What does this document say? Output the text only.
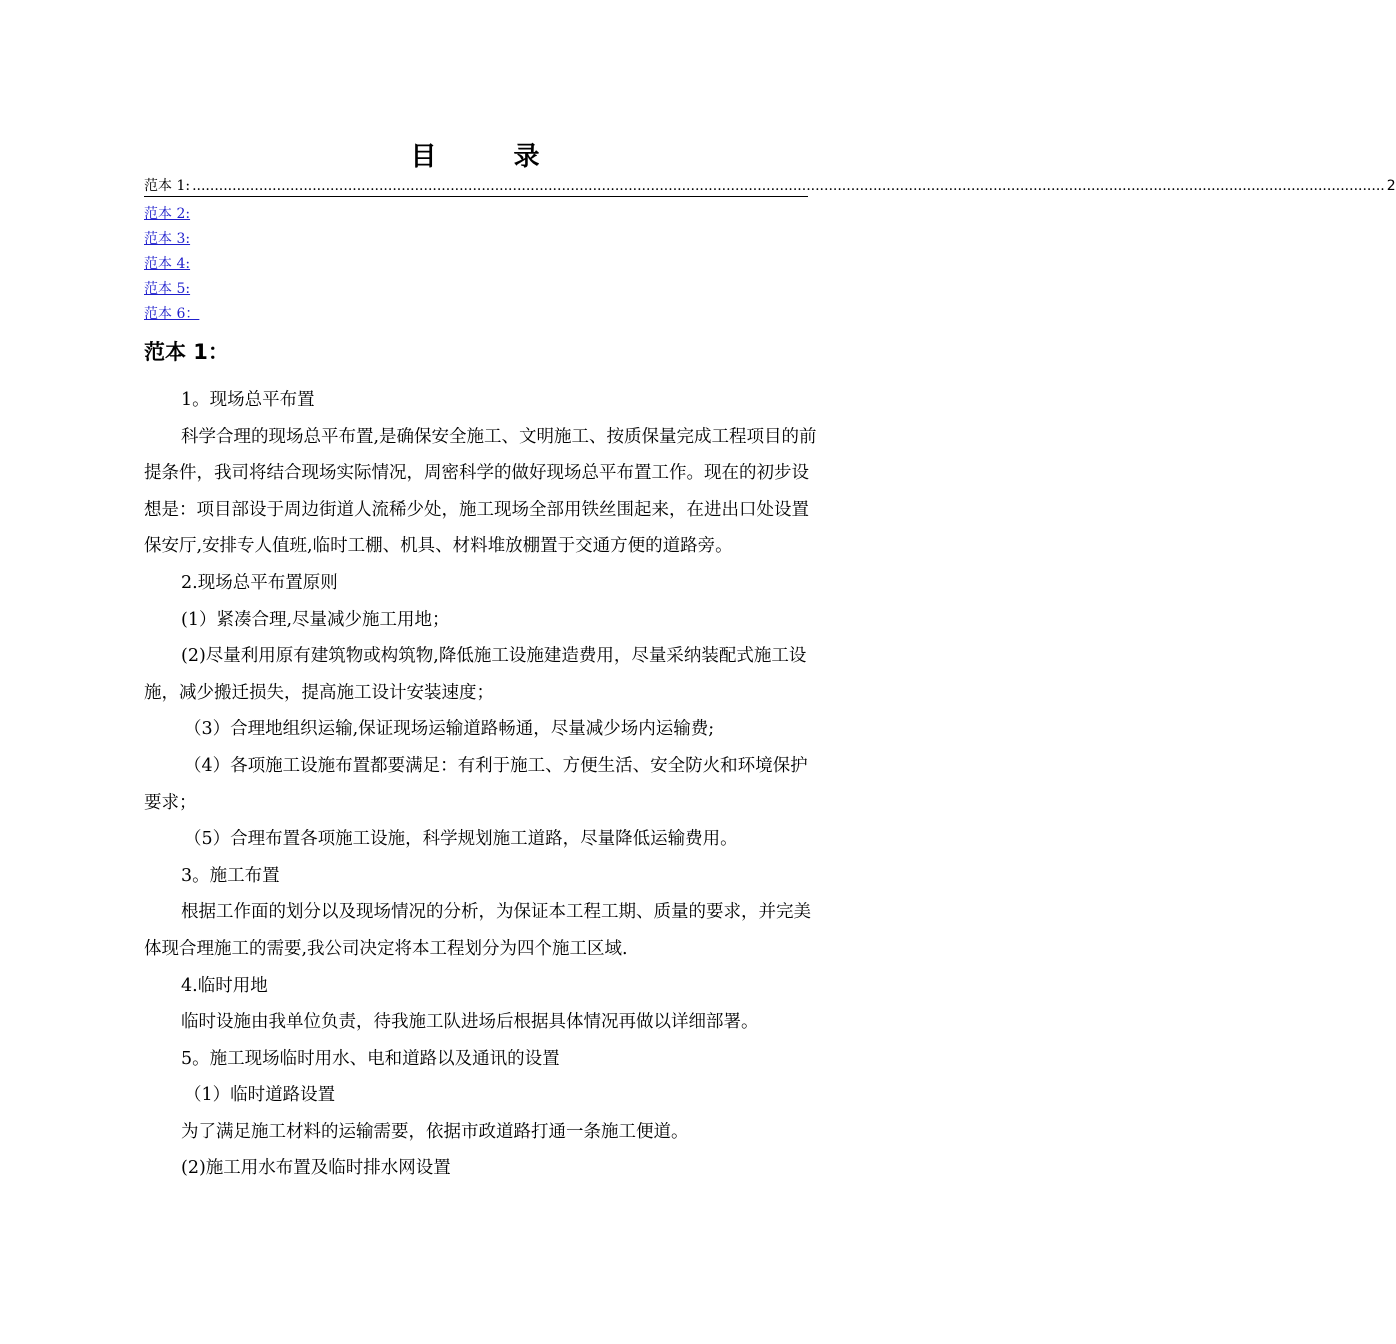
目 录
范本 1: ............................................................................................................................................................................................................................................................................ 2
范本 2:
范本 3:
范本 4:
范本 5:
范本 6：
范本 1：

1。现场总平布置

科学合理的现场总平布置,是确保安全施工、文明施工、按质保量完成工程项目的前提条件，我司将结合现场实际情况，周密科学的做好现场总平布置工作。现在的初步设想是：项目部设于周边街道人流稀少处，施工现场全部用铁丝围起来，在进出口处设置保安厅,安排专人值班,临时工棚、机具、材料堆放棚置于交通方便的道路旁。

2.现场总平布置原则

(1）紧凑合理,尽量减少施工用地；

(2)尽量利用原有建筑物或构筑物,降低施工设施建造费用，尽量采纳装配式施工设施，减少搬迁损失，提高施工设计安装速度；

（3）合理地组织运输,保证现场运输道路畅通，尽量减少场内运输费;

（4）各项施工设施布置都要满足：有利于施工、方便生活、安全防火和环境保护要求；

（5）合理布置各项施工设施，科学规划施工道路，尽量降低运输费用。

3。施工布置

根据工作面的划分以及现场情况的分析，为保证本工程工期、质量的要求，并完美体现合理施工的需要,我公司决定将本工程划分为四个施工区域.

4.临时用地

临时设施由我单位负责，待我施工队进场后根据具体情况再做以详细部署。

5。施工现场临时用水、电和道路以及通讯的设置

（1）临时道路设置

为了满足施工材料的运输需要，依据市政道路打通一条施工便道。

(2)施工用水布置及临时排水网设置
